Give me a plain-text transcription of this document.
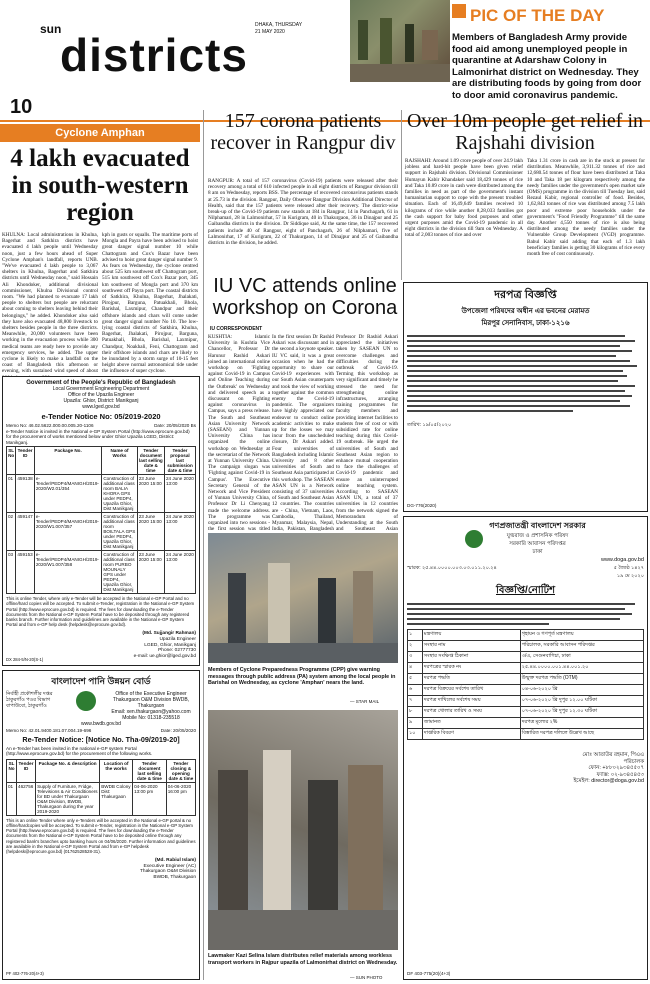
10
sun
districts
DHAKA, THURSDAY
21 MAY 2020
PIC OF THE DAY
Members of Bangladesh Army provide food aid among unemployed people in quarantine at Adarshaw Colony in Lalmonirhat district on Wednesday. They are distributing foods by going from door to door amid coronavirus pandemic.
Cyclone Amphan
4 lakh evacuated in south-western region
KHULNA: Local administrations in Khulna, Bagerhat and Satkhira districts have evacuated 4 lakh people until Wednesday noon, just a few hours ahead of Super Cyclone Amphan's landfall, reports UNB. "We've evacuated 4 lakh people to 3,067 shelters in Khulna, Bagerhat and Satkhira districts until Wednesday noon," said Hossain Ali Khondoker, additional divisional commissioner, Khulna Divisional control room. "We had planned to evacuate 17 lakh people to shelters but people are reluctant about coming to shelters leaving behind their belongings," he added. Khondoker also said they have also evacuated 48,800 livestock to shelters besides people in the three districts. Meanwhile, 20,000 volunteers have been working in the evacuation process while 300 medical teams are ready here to provide any emergency services, he added. The upper cyclone is likely to make a landfall on the coast of Bangladesh this afternoon or evening, with sustained wind speed of about
kph in gusts or squalls. The maritime ports of Mongla and Payra have been advised to hoist great danger signal number 10 while Chattogram and Cox's Bazar have been advised to hoist great danger signal number 9. As fears on Wednesday, the cyclone centred about 525 km southwest off Chattogram port, 515 km southwest off Cox's Bazar port, 345 km southwest of Mongla port and 370 km southwest off Payra port. The coastal districts of Satkhira, Khulna, Bagerhat, Jhalakati, Pirojpur, Barguna, Patuakhali, Bhola, Barishal, Laxmipur, Chandpur and their offshore islands and chars will come under great danger signal number No 10. The low-lying coastal districts of Satkhira, Khulna, Bagerhat, Jhalakati, Pirojpur, Barguna, Patuakhali, Bhola, Barishal, Laxmipur, Chandpur, Noakhali, Feni, Chattogram and their offshore islands and chars are likely to be inundated by a storm surge of 10-15 feet height above normal astronomical tide under the influence of super cyclone.
157 corona patients recover in Rangpur div
RANGPUR: A total of 157 coronavirus (Covid-19) patients were released after their recovery among a total of 610 infected people in all eight districts of Rangpur division till 8 am on Wednesday, reports BSS. The percentage of recovered coronavirus patients stands at 25.73 in the division. Rangpur, Daily Observer Rangpur Division Additional Director of Health, said that the 157 patients were released after their recovery. The district-wise break-up of the Covid-19 patients now stands at 184 in Rangpur, 14 in Panchagarh, 61 in Nilphamari, 28 in Lalmonirhat, 57 in Kurigram, 40 in Thakurgaon, 36 in Dinajpur and 25 Gaibandha districts in the division. Dr Siddique said, At the same time, the 157 recovered patients include 40 of Rangpur, eight of Panchagarh, 26 of Nilphamari, five of Lalmonirhat, 17 of Kurigram, 22 of Thakurgaon, 14 of Dinajpur and 25 of Gaibandha districts in the division, he added.
Over 10m people get relief in Rajshahi division
RAJSHAHI: Around 1.09 crore people of over 24.9 lakh jobless and hard-hit people have been given relief support in Rajshahi division. Divisional Commissioner Humayun Kabir Khandaker said 18,429 tonnes of rice and Taka 10.89 crore in cash were distributed among the families in need as part of the government's instant humanitarian support to cope with the present troubled situation. Each of 16,49,649 families received 10 kilograms of rice while another 8,28,033 families got the cash support for baby food purposes and other urgent purposes amid the Covid-19 pandemic in all eight districts in the division till 9am on Wednesday. A total of 2,003 tonnes of rice and over
Taka 1.31 crore in cash are in the stock at present for distribution. Meanwhile, 3,911.32 tonnes of rice and 12,680.54 tonnes of flour have been distributed at Taka 10 and Taka 18 per kilogram respectively among the needy families under the government's open market sale (OMS) programme in the division till Tuesday last, said Rezaul Kabir, regional controller of food. Besides, 1,62,843 tonnes of rice was distributed among 7.5 lakh poor and extreme poor households under the government's "Food Friendly Programme" till the same day. Another 4,550 tonnes of rice is also being distributed among the needy families under the Vulnerable Group Development (VGD) programme. Babul Kabir said adding that each of 1.3 lakh beneficiary families is getting 30 kilograms of rice every month free of cost continuously.
IU VC attends online workshop on Corona
IU CORRESPONDENT
KUSHTIA: Islamic University in Kushtia Vice Chancellor, Professor Dr Harunur Rashid Askari joined an international online workshop on 'Fighting against Covid-19 in Campus and Online Teaching during the Outbreak' on Wednesday and delivered speech as a discussant on Fighting against coronavirus in Campus, says a press release. The South and Southeast Asian University Network (SASEAN) and Yunnan University China has organized the online workshop on Wednesday at the secretariat of the Network at Yunnan University China. The campaign slogan was 'Fighting against Covid-19 in Campus'. The Executive Secretary General of the Network and Vice President of Yunnan University China, Professor Dr Li Chenyang made the welcome address. The programme was organized into two sessions - the first session was titled
In the first session Dr Rashid Askari was discussant and in the second a keynote speaker. IU VC said, it was a great occasion when he had the opportunity to share our Covid-19 experiences with our South Asian counterparts and took the view of working together against the common enemy the Covid-19 pandemic. The organizers have highly appreciated our endeavor to conduct online academic activities to make up for the losses we may incur from the unscheduled closure, Dr Askari added. Four universities of Bangladesh including Islamic University and 8 other universities of South and Southeast Asia participated at this workshop. The SASEAN ASAN UN is a Network consisting of 37 universities of South and Southeast Asian 12 countries. The countries are - China, Vietnam, Laos, Cambodia, Thailand, Myanmar, Malaysia, Nepal, India, Pakistan, Bangladesh
Professor Dr Rashid Askari appreciated the initiatives taken by SASEAN UN to overcome challenges and difficulties during the outbreak of Covid-19. Terming this workshop as very significant and timely he stressed the need for strengthening online infrastructures, arranging training programmes for faculty members and providing internet facilities to students free of cost or with subsidized rate for online teaching during this Covid-19 outbreak. He urged the universities of South and Southeast Asian region to enhance mutual cooperation to face the challenges of Covid-19 pandemic and ensure an uninterrupted online teaching system. According to SASEAN ASAN UN, a total of 37 universities in 12 countries from the network signed the Memorandum of Understanding at the South and Southeast Asian
Members of Cyclone Preparedness Programme (CPP) give warning messages through public address (PA) system among the local people in Barishal on Wednesday, as cyclone 'Amphan' nears the land.
— STAR MAIL
Lawmaker Kazi Selina Islam distributes relief materials among workless transport workers in Rajpur upazila of Lalmonirhat district on Wednesday.
— SUN PHOTO
Government of the People's Republic of Bangladesh
Local Government Engineering Department
Office of the Upazila Engineer
Upazila: Ghior, District: Manikganj
www.lged.gov.bd
e-Tender Notice No: 05/2019-2020
Memo No: 46.02.5622.000.00.005.20-1106	Date: 20/05/2020 Bs
e-Tender Notice is invited in the National e-GP System Portal (http://www.eprocure.gov.bd) for the procurement of works mentioned below under Ghior Upazila LGED, District: Manikganj.
SL No	Tender ID	Package No.	Name of Works	Tender document last selling date & time	Tender proposal last submission date & time
01	459138	e-Tender/PEDP4/MANIGH/2019-2020/W2.01/354	Construction of additional class room BALIA KHORA GPS under PEDP4, Upazila Ghior, Dist Manikganj	23 June 2020 15:00	24 June 2020 13:00
02	459147	e-Tender/PEDP4/MANIGH/2019-2020/W1.007/357	Construction of additional class room BOILTALA GPS under PEDP4, Upazila Ghior, Dist Manikganj	23 June 2020 15:00	24 June 2020 13:00
03	459153	e-Tender/PEDP4/MANIGH/2019-2020/W1.007/358	Construction of additional class room PURBO MOUNALY GPS under PEDP4, Upazila Ghior, Dist Manikganj	23 June 2020 15:00	24 June 2020 13:00
This is online Tender, where only e-Tender will be accepted in the National e-GP Portal and no offline/hard copies will be accepted. To submit e-Tender, registration in the National e-GP System Portal (http://www.eprocure.gov.bd) is required. The fees for downloading the e-Tender documents from the National e-GP System Portal have to be deposited through any registered banks branch. Further information and guidelines are available in the National e-GP System Portal and from e-GP help desk (helpdesk@eprocure.gov.bd).
(Md. Sujjangir Rahman)
Upazila Engineer
LGED, Ghior, Manikganj
Phone: 02777730
e-mail: ue.ghior@lged.gov.bd
DX 284-5/N-20(S-1)
বাংলাদেশ পানি উন্নয়ন বোর্ড
নির্বাহী প্রকৌশলীর দপ্তর ঠাকুরগাঁও পওর বিভাগ বাপাউবো, ঠাকুরগাঁও
Office of the Executive Engineer Thakurgaon O&M Division BWDB, Thakurgaon
Email: xen.thakurgaon@yahoo.com
Mobile No: 01318-235518
www.bwdb.gov.bd
Memo No: 42.01.9400.181.07.004.19-696	Date: 20/05/2020
Re-Tender Notice: [Notice No. Tha-09/2019-20]
An e-Tender has been invited in the national e-GP system Portal (http://www.eprocure.gov.bd) for the procurement of the following works.
SL No	Tender ID	Package No. & description	Location of the works	Tender document last selling date & time	Tender closing & opening date & time
01	462756	Supply of Furniture, Fridge, Televisions & Air Conditioners for BD under Thakurgaon O&M Division, BWDB, Thakurgaon during the year 2019-2020	BWDB Colony Dist: Thakurgaon	04-06-2020 13:00 pm	04-06-2020 16:00 pm
This is an online Tender where only e-Tenders will be accepted in the National e-GP portal & no offline/hardcopies will be accepted. To submit e-Tender, registration in the National e-GP System Portal (http://www.eprocure.gov.bd) is required. The fees for downloading the e-Tender documents from the National e-GP System Portal have to be deposited online through any registered bank's branches upto banking hours on 04/06/2020. Further information and guidelines are available in the National e-GP System Portal and from e-GP helpdesk (helpdesk@eprocure.gov.bd) (01762528528-31).
(Md. Rabiul Islam)
Executive Engineer (AC)
Thakurgaon O&M Division
BWDB, Thakurgaon
PF 402-776-20(4+3)
দরপত্র বিজ্ঞপ্তি
উপজেলা পরিষদের অধীন এর ভবনের মেরামত
মিরপুর সেনানিবাস, ঢাকা-১২১৬
তারিখ: ১৯/০৫/২০২০
DG-776(2020)
গণপ্রজাতন্ত্রী বাংলাদেশ সরকার
যুগ্মরাজ ও প্রশাসনিক পরিষদ
সরকারি আবাসন পরিদপ্তর
ঢাকা
www.doga.gov.bd
স্মারক: ২৫.৪৪.০০০০.০০৩.০৩.০১১.২০.২৪	৫ জ্যৈষ্ঠ ১৪২৭
১৯ মে ২০২০
বিজ্ঞপ্তি/নোটিশ
১	মন্ত্রণালয়	গৃহায়ন ও গণপূর্ত মন্ত্রণালয়
২	সংস্থার নাম	পরিচালক, সরকারি আবাসন পরিদপ্তর
৩	সংস্থার সংক্ষিপ্ত ঠিকানা	৩/এ, সেগুনবাগিচা, ঢাকা
৪	দরপত্রের স্মারক নং	২৫.৪৪.০০০০.০০১.৪৪.০০১.২০
৫	দরপত্র পদ্ধতি	উন্মুক্ত দরপত্র পদ্ধতি (OTM)
৬	দরপত্র বিক্রয়ের সর্বশেষ তারিখ	০৪-০৬-২০২০ খ্রি
৭	দরপত্র দাখিলের সর্বশেষ সময়	০৭-০৬-২০২০ খ্রি দুপুর ১২.০০ ঘটিকা
৮	দরপত্র খোলার তারিখ ও সময়	০৭-০৬-২০২০ খ্রি দুপুর ১২.৩০ ঘটিকা
৯	জামানত	দরপত্র মূল্যের ২%
১০	দাপ্তরিক বিবরণ	বিস্তারিত দরপত্র দলিলে উল্লেখ আছে
মোঃ আতাউর রহমান, পিএএ
পরিচালক
ফোন: +৮৮০২৯৩৪৫৫০৭
ফ্যাক্স: ০২-৯৩৪৫৪৫৩
ইমেইল: director@doga.gov.bd
DF 403-775(20)(4+3)
